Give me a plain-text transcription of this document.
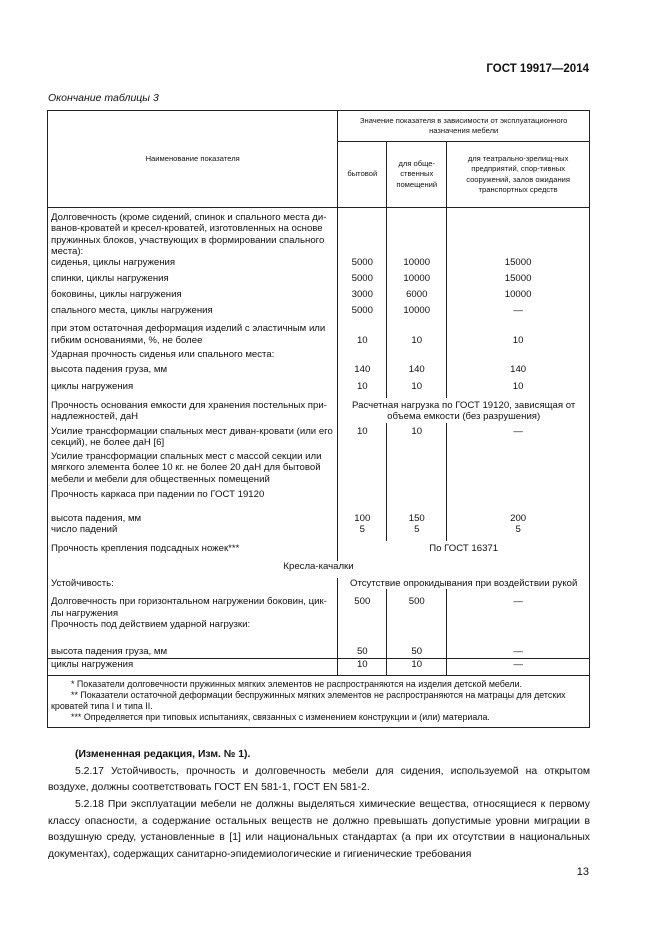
ГОСТ 19917—2014
Окончание таблицы 3
Наименование показателя	Значение показателя в зависимости от эксплуатационного назначения мебели		
	бытовой	для обще-ственных помещений	для театрально-зрелищ-ных предприятий, спор-тивных сооружений, залов ожидания транспортных средств
Долговечность (кроме сидений, спинок и спального места ди-ванов-кроватей и кресел-кроватей, изготовленных на основе пружинных блоков, участвующих в формировании спального места):			
сиденья, циклы нагружения	5000	10000	15000
спинки, циклы нагружения	5000	10000	15000
боковины, циклы нагружения	3000	6000	10000
спального места, циклы нагружения	5000	10000	—
при этом остаточная деформация изделий с эластичным или гибким основаниями, %, не более	10	10	10
Ударная прочность сиденья или спального места:			
высота падения груза, мм	140	140	140
циклы нагружения	10	10	10
Прочность основания емкости для хранения постельных при-надлежностей, даН	Расчетная нагрузка по ГОСТ 19120, зависящая от объема емкости (без разрушения)		
Усилие трансформации спальных мест диван-кровати (или его секций), не более даН [6]	10	10	—
Усилие трансформации спальных мест с массой секции или мягкого элемента более 10 кг. не более 20 даН для бытовой мебели и мебели для общественных помещений			
Прочность каркаса при падении по ГОСТ 19120			
высота падения, мм	100	150	200
число падений	5	5	5
Прочность крепления подсадных ножек***	По ГОСТ 16371		
Кресла-качалки			
Устойчивость:	Отсутствие опрокидывания при воздействии рукой		
Долговечность при горизонтальном нагружении боковин, цик-лы нагружения	500	500	—
Прочность под действием ударной нагрузки:			
высота падения груза, мм	50	50	—
циклы нагружения	10	10	—

* Показатели долговечности пружинных мягких элементов не распространяются на изделия детской мебели.
** Показатели остаточной деформации беспружинных мягких элементов не распространяются на матрацы для детских кроватей типа I и типа II.
*** Определяется при типовых испытаниях, связанных с изменением конструкции и (или) материала.			

(Измененная редакция, Изм. № 1).

5.2.17 Устойчивость, прочность и долговечность мебели для сидения, используемой на открытом воздухе, должны соответствовать ГОСТ EN 581-1, ГОСТ EN 581-2.

5.2.18 При эксплуатации мебели не должны выделяться химические вещества, относящиеся к первому классу опасности, а содержание остальных веществ не должно превышать допустимые уровни миграции в воздушную среду, установленные в [1] или национальных стандартах (а при их отсутствии в национальных документах), содержащих санитарно-эпидемиологические и гигиенические требования

13
